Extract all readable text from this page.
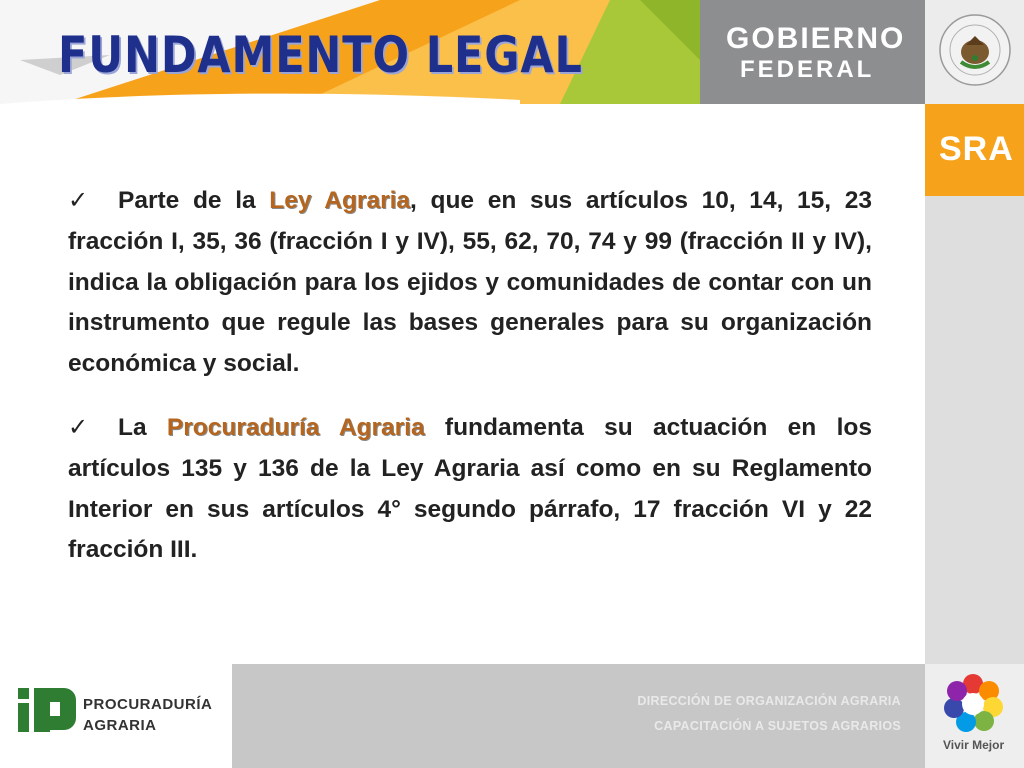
FUNDAMENTO LEGAL	GOBIERNO
FEDERAL
SRA
Vivir Mejor

✓ Parte de la Ley Agraria, que en sus artículos 10, 14, 15, 23 fracción I, 35, 36 (fracción I y IV), 55, 62, 70, 74 y 99 (fracción II y IV), indica la obligación para los ejidos y comunidades de contar con un instrumento que regule las bases generales para su organización económica y social.

✓ La Procuraduría Agraria fundamenta su actuación en los artículos 135 y 136 de la Ley Agraria así como en su Reglamento Interior en sus artículos 4° segundo párrafo, 17 fracción VI y 22 fracción III.

PROCURADURÍA
AGRARIA
DIRECCIÓN DE ORGANIZACIÓN AGRARIA
CAPACITACIÓN A SUJETOS AGRARIOS
